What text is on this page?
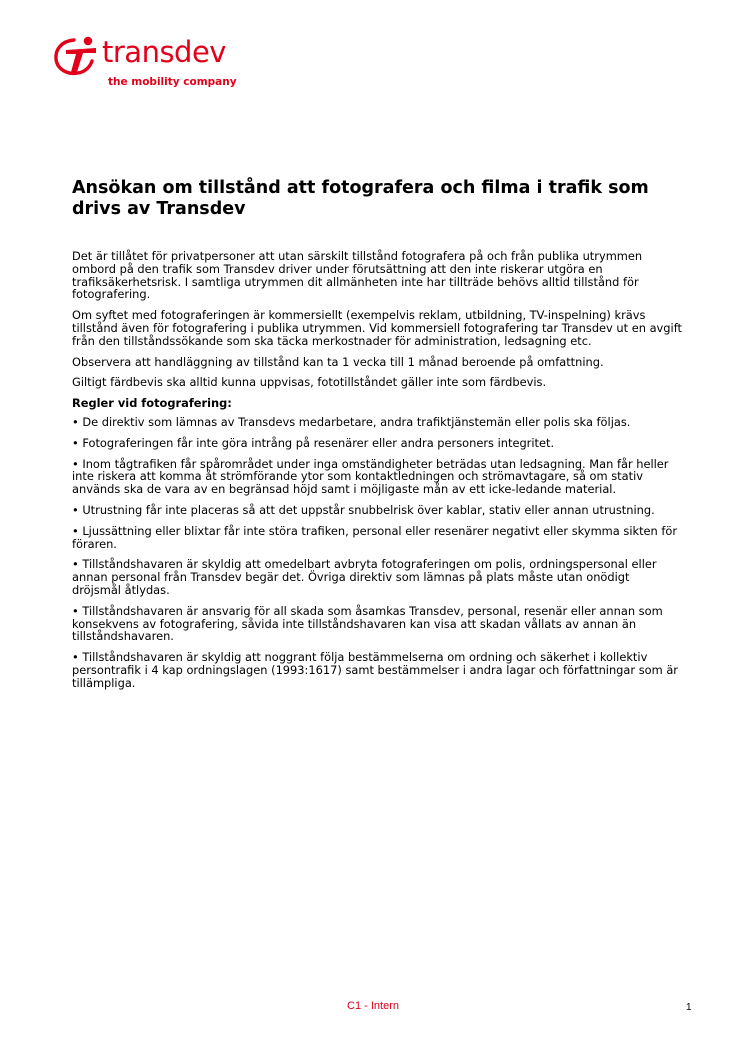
transdev
the mobility company
Ansökan om tillstånd att fotografera och filma i trafik som drivs av Transdev

Det är tillåtet för privatpersoner att utan särskilt tillstånd fotografera på och från publika utrymmen ombord på den trafik som Transdev driver under förutsättning att den inte riskerar utgöra en trafiksäkerhetsrisk. I samtliga utrymmen dit allmänheten inte har tillträde behövs alltid tillstånd för fotografering.

Om syftet med fotograferingen är kommersiellt (exempelvis reklam, utbildning, TV-inspelning) krävs tillstånd även för fotografering i publika utrymmen. Vid kommersiell fotografering tar Transdev ut en avgift från den tillståndssökande som ska täcka merkostnader för administration, ledsagning etc.

Observera att handläggning av tillstånd kan ta 1 vecka till 1 månad beroende på omfattning.

Giltigt färdbevis ska alltid kunna uppvisas, fototillståndet gäller inte som färdbevis.

Regler vid fotografering:

• De direktiv som lämnas av Transdevs medarbetare, andra trafiktjänstemän eller polis ska följas.

• Fotograferingen får inte göra intrång på resenärer eller andra personers integritet.

• Inom tågtrafiken får spårområdet under inga omständigheter beträdas utan ledsagning. Man får heller inte riskera att komma åt strömförande ytor som kontaktledningen och strömavtagare, så om stativ används ska de vara av en begränsad höjd samt i möjligaste mån av ett icke-ledande material.

• Utrustning får inte placeras så att det uppstår snubbelrisk över kablar, stativ eller annan utrustning.

• Ljussättning eller blixtar får inte störa trafiken, personal eller resenärer negativt eller skymma sikten för föraren.

• Tillståndshavaren är skyldig att omedelbart avbryta fotograferingen om polis, ordningspersonal eller annan personal från Transdev begär det. Övriga direktiv som lämnas på plats måste utan onödigt dröjsmål åtlydas.

• Tillståndshavaren är ansvarig för all skada som åsamkas Transdev, personal, resenär eller annan som konsekvens av fotografering, såvida inte tillståndshavaren kan visa att skadan vållats av annan än tillståndshavaren.

• Tillståndshavaren är skyldig att noggrant följa bestämmelserna om ordning och säkerhet i kollektiv persontrafik i 4 kap ordningslagen (1993:1617) samt bestämmelser i andra lagar och författningar som är tillämpliga.

C1 - Intern	1
